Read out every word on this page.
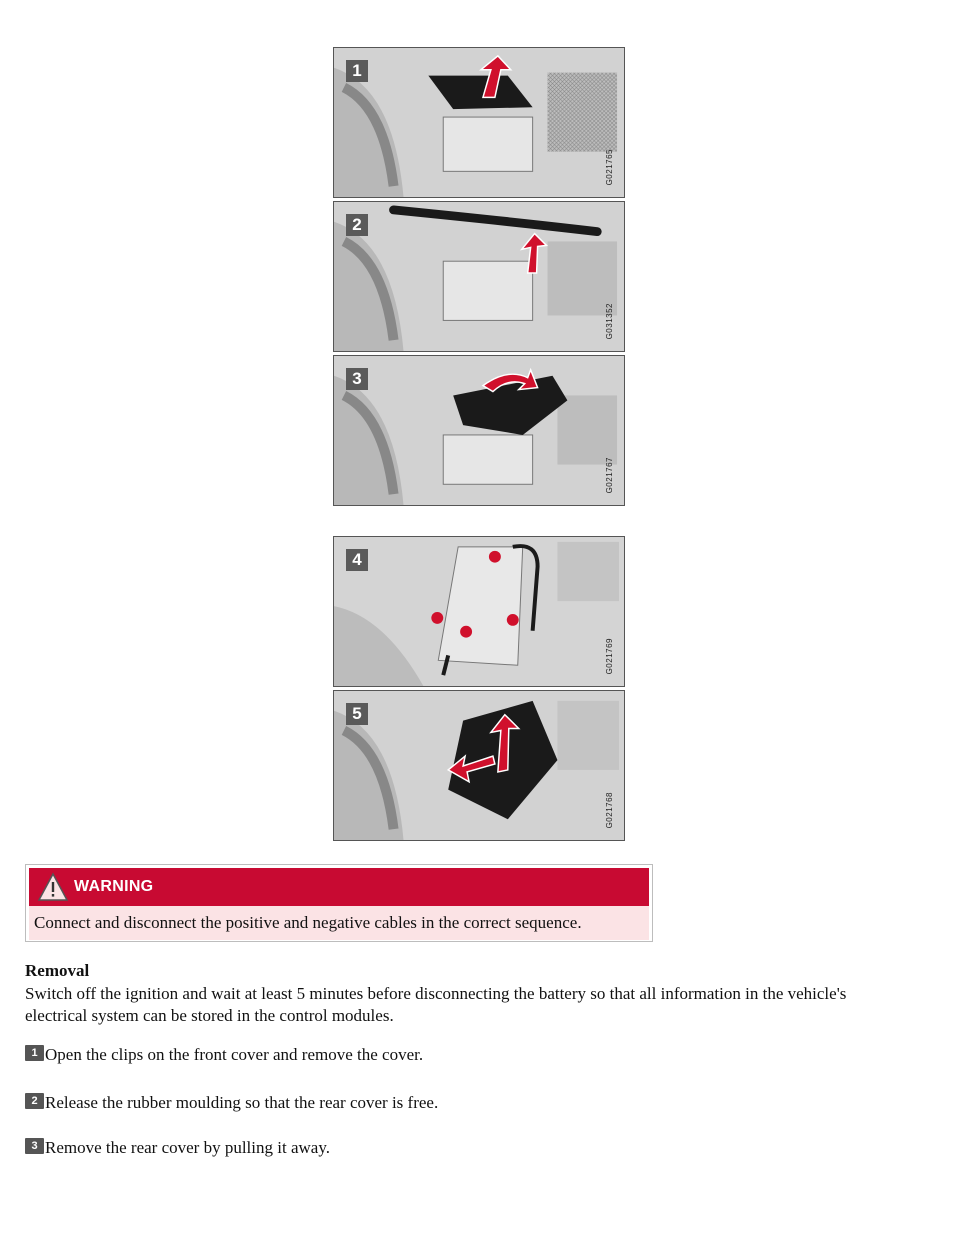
1
G021765
2
G031352
3
G021767
4
G021769
5
G021768
WARNING
Connect and disconnect the positive and negative cables in the correct sequence.
Removal
Switch off the ignition and wait at least 5 minutes before disconnecting the battery so that all information in the vehicle's electrical system can be stored in the control modules.
1 Open the clips on the front cover and remove the cover.
2 Release the rubber moulding so that the rear cover is free.
3 Remove the rear cover by pulling it away.
